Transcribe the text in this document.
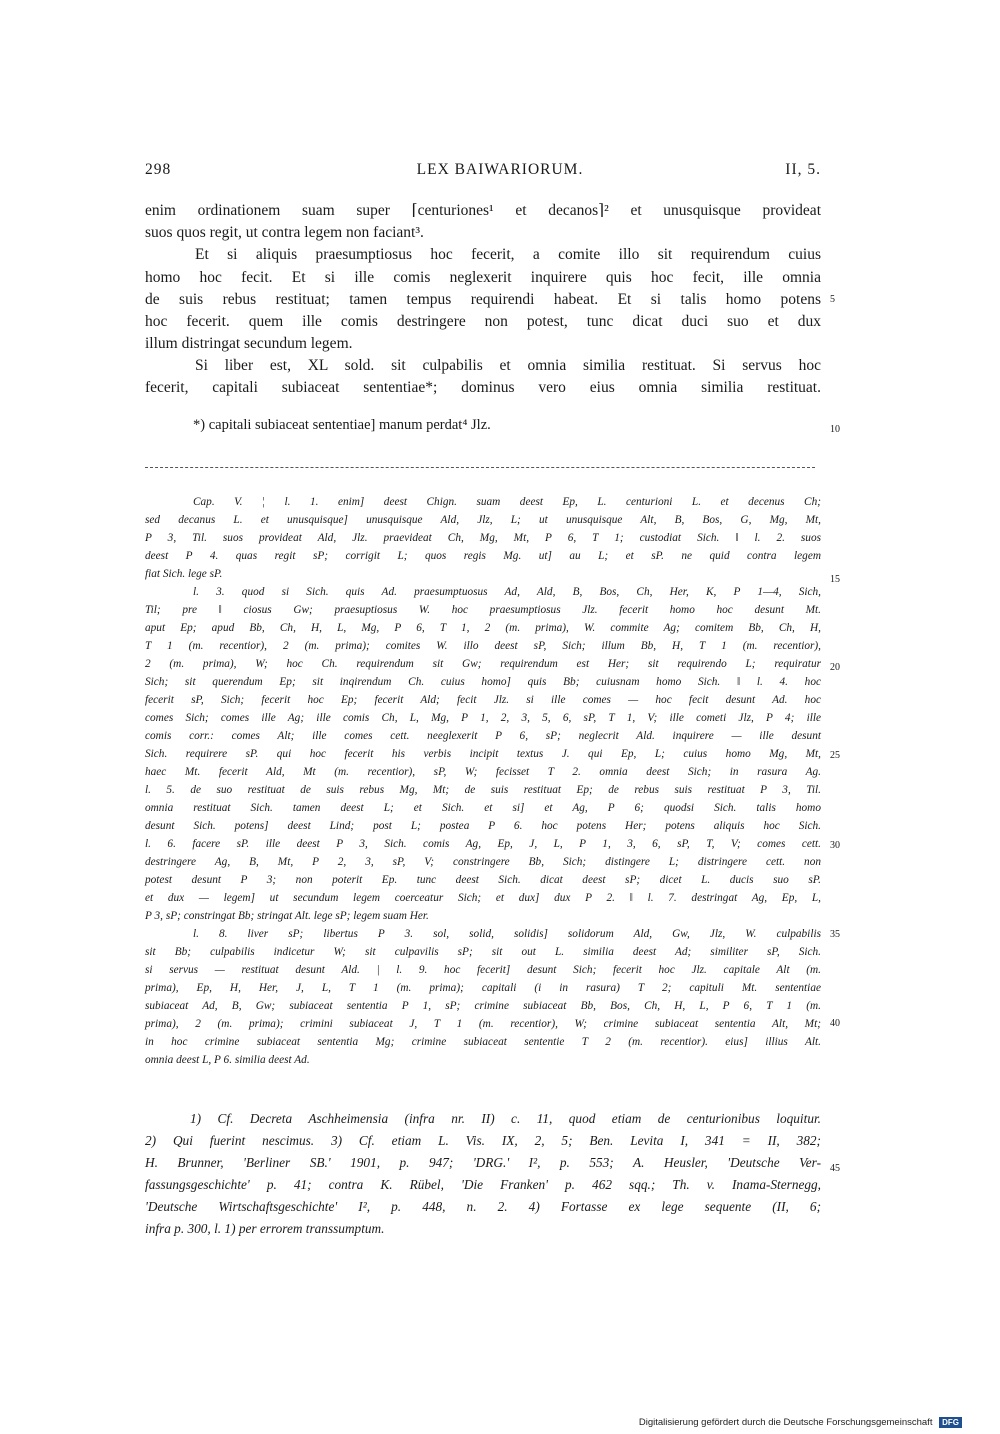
298	LEX BAIWARIORUM.	II, 5.
enim ordinationem suam super ⌈centuriones¹ et decanos⌉² et unusquisque provideat
suos quos regit, ut contra legem non faciant³.
Et si aliquis praesumptiosus hoc fecerit, a comite illo sit requirendum cuius
homo hoc fecit. Et si ille comis neglexerit inquirere quis hoc fecit, ille omnia
de suis rebus restituat; tamen tempus requirendi habeat. Et si talis homo potens
hoc fecerit. quem ille comis destringere non potest, tunc dicat duci suo et dux
illum distringat secundum legem.
Si liber est, XL sold. sit culpabilis et omnia similia restituat. Si servus hoc
fecerit, capitali subiaceat sententiae*; dominus vero eius omnia similia restituat.
*) capitali subiaceat sententiae] manum perdat⁴ Jlz.
5
10
15
20
25
30
35
40
45
Cap. V. ¦ l. 1. enim] deest Chign. suam deest Ep, L. centurioni L. et decenus Ch;
sed decanus L. et unusquisque] unusquisque Ald, Jlz, L; ut unusquisque Alt, B, Bos, G, Mg, Mt,
P 3, Til. suos provideat Ald, Jlz. praevideat Ch, Mg, Mt, P 6, T 1; custodiat Sich. ‖ l. 2. suos
deest P 4. quas regit sP; corrigit L; quos regis Mg. ut] au L; et sP. ne quid contra legem
fiat Sich. lege sP.
l. 3. quod si Sich. quis Ad. praesumptuosus Ad, Ald, B, Bos, Ch, Her, K, P 1—4, Sich,
Til; pre ‖ ciosus Gw; praesuptiosus W. hoc praesumptiosus Jlz. fecerit homo hoc desunt Mt.
aput Ep; apud Bb, Ch, H, L, Mg, P 6, T 1, 2 (m. prima), W. commite Ag; comitem Bb, Ch, H,
T 1 (m. recentior), 2 (m. prima); comites W. illo deest sP, Sich; illum Bb, H, T 1 (m. recentior),
2 (m. prima), W; hoc Ch. requirendum sit Gw; requirendum est Her; sit requirendo L; requiratur
Sich; sit querendum Ep; sit inqirendum Ch. cuius homo] quis Bb; cuiusnam homo Sich. ‖ l. 4. hoc
fecerit sP, Sich; fecerit hoc Ep; fecerit Ald; fecit Jlz. si ille comes — hoc fecit desunt Ad. hoc
comes Sich; comes ille Ag; ille comis Ch, L, Mg, P 1, 2, 3, 5, 6, sP, T 1, V; ille cometi Jlz, P 4; ille
comis corr.: comes Alt; ille comes cett. neeglexerit P 6, sP; neglecrit Ald. inquirere — ille desunt
Sich. requirere sP. qui hoc fecerit his verbis incipit textus J. qui Ep, L; cuius homo Mg, Mt,
haec Mt. fecerit Ald, Mt (m. recentior), sP, W; fecisset T 2. omnia deest Sich; in rasura Ag.
l. 5. de suo restituat de suis rebus Mg, Mt; de suis restituat Ep; de rebus suis restituat P 3, Til.
omnia restituat Sich. tamen deest L; et Sich. et si] et Ag, P 6; quodsi Sich. talis homo
desunt Sich. potens] deest Lind; post L; postea P 6. hoc potens Her; potens aliquis hoc Sich.
l. 6. facere sP. ille deest P 3, Sich. comis Ag, Ep, J, L, P 1, 3, 6, sP, T, V; comes cett.
destringere Ag, B, Mt, P 2, 3, sP, V; constringere Bb, Sich; distingere L; distringere cett. non
potest desunt P 3; non poterit Ep. tunc deest Sich. dicat deest sP; dicet L. ducis suo sP.
et dux — legem] ut secundum legem coerceatur Sich; et dux] dux P 2. ‖ l. 7. destringat Ag, Ep, L,
P 3, sP; constringat Bb; stringat Alt. lege sP; legem suam Her.
l. 8. liver sP; libertus P 3. sol, solid, solidis] solidorum Ald, Gw, Jlz, W. culpabilis
sit Bb; culpabilis indicetur W; sit culpavilis sP; sit out L. similia deest Ad; similiter sP, Sich.
si servus — restituat desunt Ald. | l. 9. hoc fecerit] desunt Sich; fecerit hoc Jlz. capitale Alt (m.
prima), Ep, H, Her, J, L, T 1 (m. prima); capitali (i in rasura) T 2; capituli Mt. sententiae
subiaceat Ad, B, Gw; subiaceat sententia P 1, sP; crimine subiaceat Bb, Bos, Ch, H, L, P 6, T 1 (m.
prima), 2 (m. prima); crimini subiaceat J, T 1 (m. recentior), W; crimine subiaceat sententia Alt, Mt;
in hoc crimine subiaceat sententia Mg; crimine subiaceat sententie T 2 (m. recentior). eius] illius Alt.
omnia deest L, P 6. similia deest Ad.
1) Cf. Decreta Aschheimensia (infra nr. II) c. 11, quod etiam de centurionibus loquitur.
2) Qui fuerint nescimus. 3) Cf. etiam L. Vis. IX, 2, 5; Ben. Levita I, 341 = II, 382;
H. Brunner, 'Berliner SB.' 1901, p. 947; 'DRG.' I², p. 553; A. Heusler, 'Deutsche Ver-
fassungsgeschichte' p. 41; contra K. Rübel, 'Die Franken' p. 462 sqq.; Th. v. Inama-Sternegg,
'Deutsche Wirtschaftsgeschichte' I², p. 448, n. 2. 4) Fortasse ex lege sequente (II, 6;
infra p. 300, l. 1) per errorem transsumptum.
Digitalisierung gefördert durch die Deutsche Forschungsgemeinschaft DFG
